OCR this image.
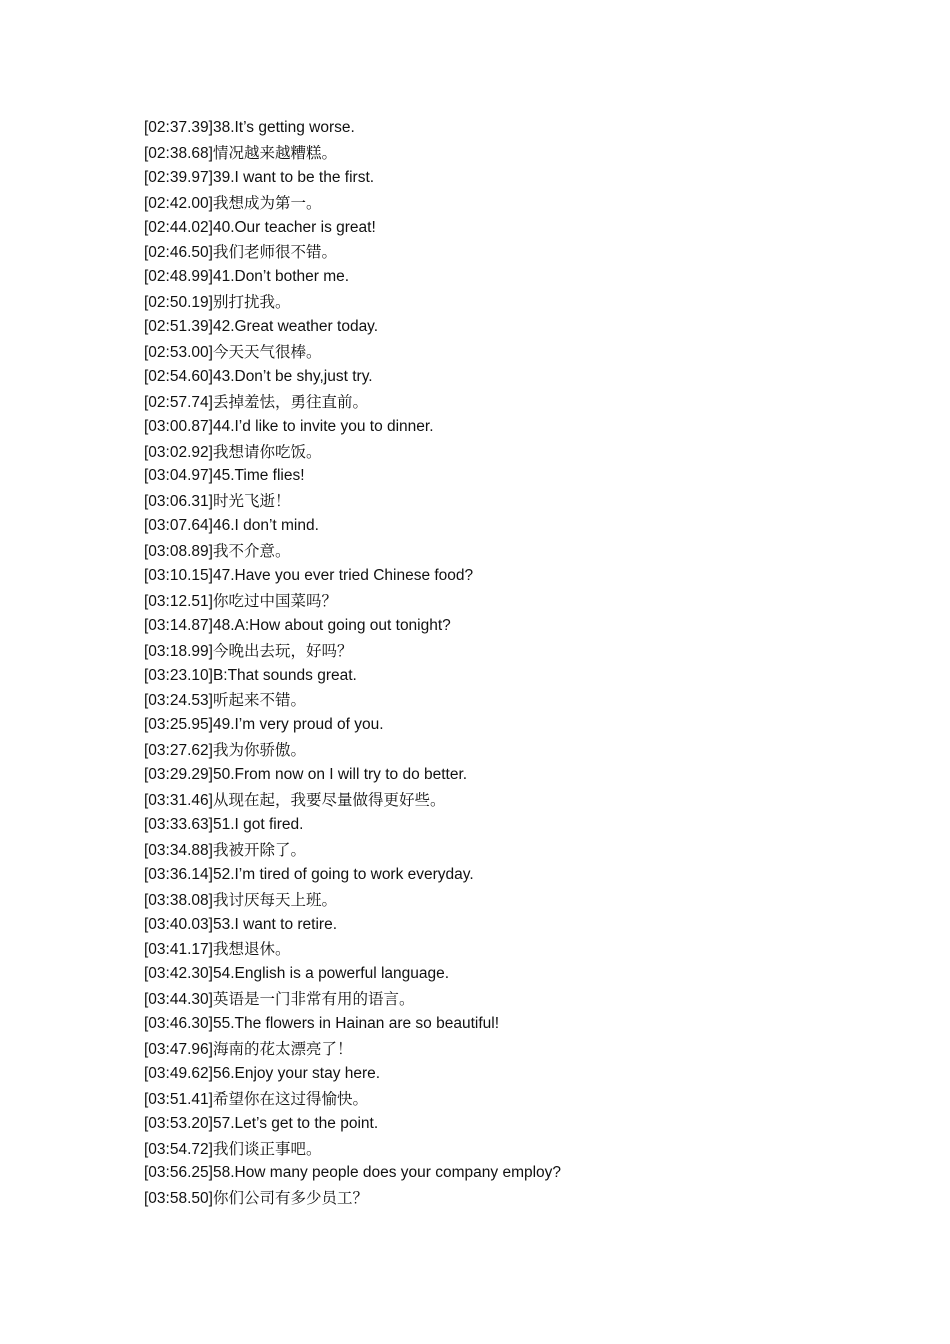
[02:37.39]38.It’s getting worse.
[02:38.68]情况越来越糟糕。
[02:39.97]39.I want to be the first.
[02:42.00]我想成为第一。
[02:44.02]40.Our teacher is great!
[02:46.50]我们老师很不错。
[02:48.99]41.Don’t bother me.
[02:50.19]别打扰我。
[02:51.39]42.Great weather today.
[02:53.00]今天天气很棒。
[02:54.60]43.Don’t be shy,just try.
[02:57.74]丢掉羞怯，勇往直前。
[03:00.87]44.I’d like to invite you to dinner.
[03:02.92]我想请你吃饭。
[03:04.97]45.Time flies!
[03:06.31]时光飞逝！
[03:07.64]46.I don’t mind.
[03:08.89]我不介意。
[03:10.15]47.Have you ever tried Chinese food?
[03:12.51]你吃过中国菜吗？
[03:14.87]48.A:How about going out tonight?
[03:18.99]今晚出去玩，好吗？
[03:23.10]B:That sounds great.
[03:24.53]听起来不错。
[03:25.95]49.I’m very proud of you.
[03:27.62]我为你骄傲。
[03:29.29]50.From now on I will try to do better.
[03:31.46]从现在起，我要尽量做得更好些。
[03:33.63]51.I got fired.
[03:34.88]我被开除了。
[03:36.14]52.I’m tired of going to work everyday.
[03:38.08]我讨厌每天上班。
[03:40.03]53.I want to retire.
[03:41.17]我想退休。
[03:42.30]54.English is a powerful language.
[03:44.30]英语是一门非常有用的语言。
[03:46.30]55.The flowers in Hainan are so beautiful!
[03:47.96]海南的花太漂亮了！
[03:49.62]56.Enjoy your stay here.
[03:51.41]希望你在这过得愉快。
[03:53.20]57.Let’s get to the point.
[03:54.72]我们谈正事吧。
[03:56.25]58.How many people does your company employ?
[03:58.50]你们公司有多少员工？
